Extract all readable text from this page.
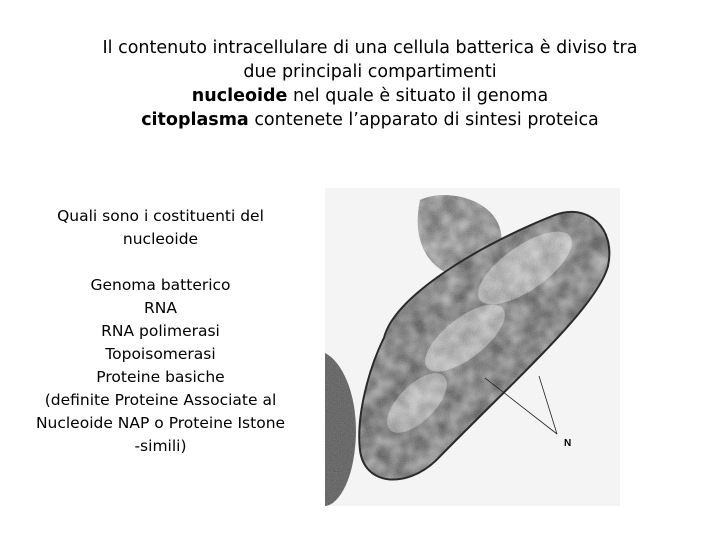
Il contenuto intracellulare di una cellula batterica è diviso tra
due principali compartimenti
nucleoide nel quale è situato il genoma
citoplasma contenete l’apparato di sintesi proteica
Quali sono i costituenti del
nucleoide
Genoma batterico
RNA
RNA polimerasi
Topoisomerasi
Proteine basiche
(definite Proteine Associate al
Nucleoide NAP o Proteine Istone
-simili)	N
